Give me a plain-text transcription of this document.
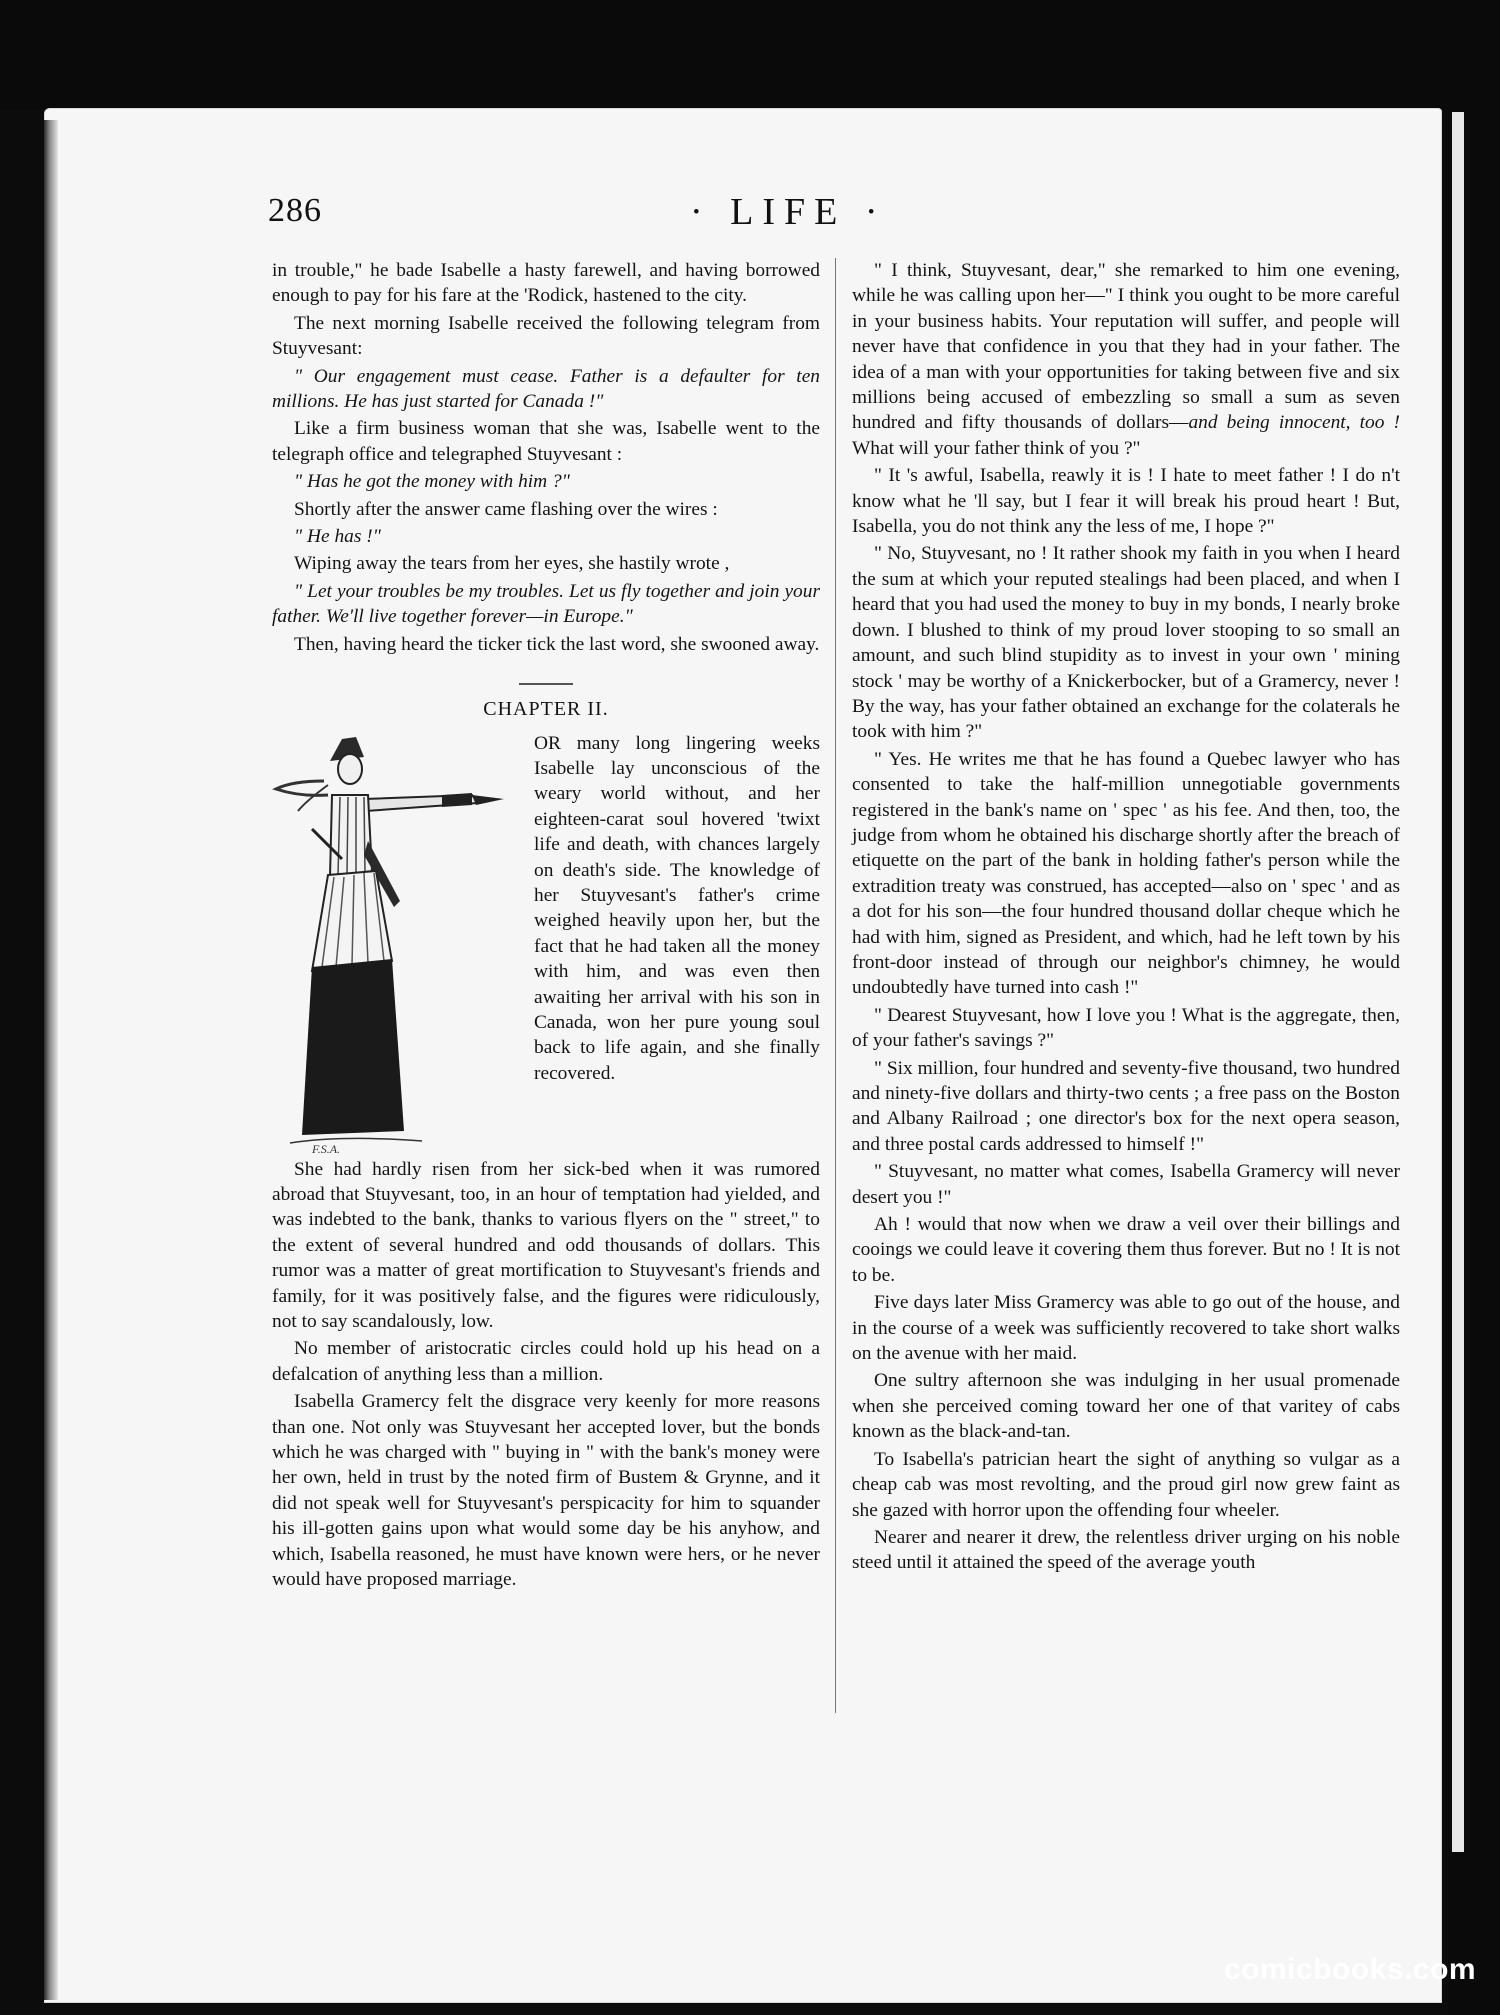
286	· LIFE ·

in trouble," he bade Isabelle a hasty farewell, and having borrowed enough to pay for his fare at the 'Rodick, hastened to the city.

The next morning Isabelle received the following telegram from Stuyvesant:

" Our engagement must cease. Father is a defaulter for ten millions. He has just started for Canada !"

Like a firm business woman that she was, Isabelle went to the telegraph office and telegraphed Stuyvesant :

" Has he got the money with him ?"

Shortly after the answer came flashing over the wires :

" He has !"

Wiping away the tears from her eyes, she hastily wrote ,

" Let your troubles be my troubles. Let us fly together and join your father. We'll live together forever—in Europe."

Then, having heard the ticker tick the last word, she swooned away.

CHAPTER II.
F.S.A.
OR many long lingering weeks Isabelle lay unconscious of the weary world without, and her eighteen-carat soul hovered 'twixt life and death, with chances largely on death's side. The knowledge of her Stuyvesant's father's crime weighed heavily upon her, but the fact that he had taken all the money with him, and was even then awaiting her arrival with his son in Canada, won her pure young soul back to life again, and she finally recovered.

She had hardly risen from her sick-bed when it was rumored abroad that Stuyvesant, too, in an hour of temptation had yielded, and was indebted to the bank, thanks to various flyers on the " street," to the extent of several hundred and odd thousands of dollars. This rumor was a matter of great mortification to Stuyvesant's friends and family, for it was positively false, and the figures were ridiculously, not to say scandalously, low.

No member of aristocratic circles could hold up his head on a defalcation of anything less than a million.

Isabella Gramercy felt the disgrace very keenly for more reasons than one. Not only was Stuyvesant her accepted lover, but the bonds which he was charged with " buying in " with the bank's money were her own, held in trust by the noted firm of Bustem & Grynne, and it did not speak well for Stuyvesant's perspicacity for him to squander his ill-gotten gains upon what would some day be his anyhow, and which, Isabella reasoned, he must have known were hers, or he never would have proposed marriage.

" I think, Stuyvesant, dear," she remarked to him one evening, while he was calling upon her—" I think you ought to be more careful in your business habits. Your reputation will suffer, and people will never have that confidence in you that they had in your father. The idea of a man with your opportunities for taking between five and six millions being accused of embezzling so small a sum as seven hundred and fifty thousands of dollars—and being innocent, too ! What will your father think of you ?"

" It 's awful, Isabella, reawly it is ! I hate to meet father ! I do n't know what he 'll say, but I fear it will break his proud heart ! But, Isabella, you do not think any the less of me, I hope ?"

" No, Stuyvesant, no ! It rather shook my faith in you when I heard the sum at which your reputed stealings had been placed, and when I heard that you had used the money to buy in my bonds, I nearly broke down. I blushed to think of my proud lover stooping to so small an amount, and such blind stupidity as to invest in your own ' mining stock ' may be worthy of a Knickerbocker, but of a Gramercy, never ! By the way, has your father obtained an exchange for the colaterals he took with him ?"

" Yes. He writes me that he has found a Quebec lawyer who has consented to take the half-million unnegotiable governments registered in the bank's name on ' spec ' as his fee. And then, too, the judge from whom he obtained his discharge shortly after the breach of etiquette on the part of the bank in holding father's person while the extradition treaty was construed, has accepted—also on ' spec ' and as a dot for his son—the four hundred thousand dollar cheque which he had with him, signed as President, and which, had he left town by his front-door instead of through our neighbor's chimney, he would undoubtedly have turned into cash !"

" Dearest Stuyvesant, how I love you ! What is the aggregate, then, of your father's savings ?"

" Six million, four hundred and seventy-five thousand, two hundred and ninety-five dollars and thirty-two cents ; a free pass on the Boston and Albany Railroad ; one director's box for the next opera season, and three postal cards addressed to himself !"

" Stuyvesant, no matter what comes, Isabella Gramercy will never desert you !"

Ah ! would that now when we draw a veil over their billings and cooings we could leave it covering them thus forever. But no ! It is not to be.

Five days later Miss Gramercy was able to go out of the house, and in the course of a week was sufficiently recovered to take short walks on the avenue with her maid.

One sultry afternoon she was indulging in her usual promenade when she perceived coming toward her one of that varitey of cabs known as the black-and-tan.

To Isabella's patrician heart the sight of anything so vulgar as a cheap cab was most revolting, and the proud girl now grew faint as she gazed with horror upon the offending four wheeler.

Nearer and nearer it drew, the relentless driver urging on his noble steed until it attained the speed of the average youth

comicbooks.com
